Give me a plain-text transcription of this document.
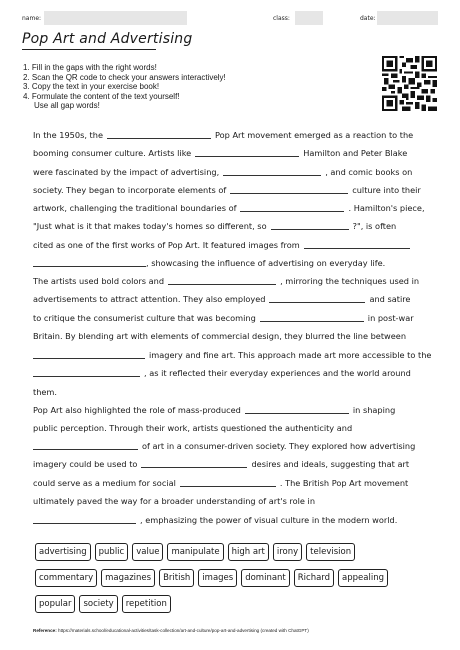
name:	class:	date:
Pop Art and Advertising
1. Fill in the gaps with the right words!
2. Scan the QR code to check your answers interactively!
3. Copy the text in your exercise book!
4. Formulate the content of the text yourself!
Use all gap words!
In the 1950s, the	Pop Art movement emerged as a reaction to the
booming consumer culture. Artists like	Hamilton and Peter Blake
were fascinated by the impact of advertising,	, and comic books on
society. They began to incorporate elements of	culture into their
artwork, challenging the traditional boundaries of	. Hamilton's piece,
"Just what is it that makes today's homes so different, so	?", is often
cited as one of the first works of Pop Art. It featured images from
, showcasing the influence of advertising on everyday life.
The artists used bold colors and	, mirroring the techniques used in
advertisements to attract attention. They also employed	and satire
to critique the consumerist culture that was becoming	in post-war
Britain. By blending art with elements of commercial design, they blurred the line between
imagery and fine art. This approach made art more accessible to the
, as it reflected their everyday experiences and the world around
them.
Pop Art also highlighted the role of mass-produced	in shaping
public perception. Through their work, artists questioned the authenticity and
of art in a consumer-driven society. They explored how advertising
imagery could be used to	desires and ideals, suggesting that art
could serve as a medium for social	. The British Pop Art movement
ultimately paved the way for a broader understanding of art's role in
, emphasizing the power of visual culture in the modern world.
advertising	public	value	manipulate	high art	irony	television
commentary	magazines	British	images	dominant	Richard	appealing
popular	society	repetition
Reference: https://materials.school/educational-activities/task-collection/art-and-culture/pop-art-and-advertising (created with ChatGPT)
